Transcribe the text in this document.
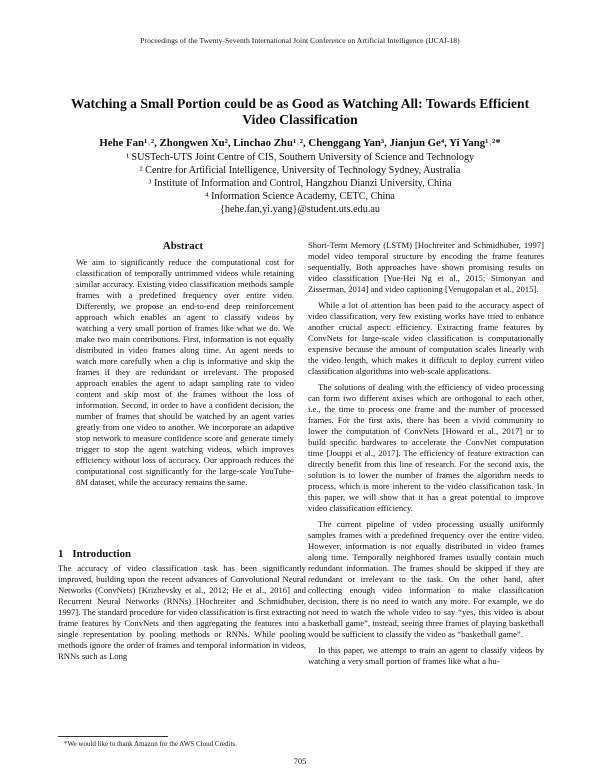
Proceedings of the Twenty-Seventh International Joint Conference on Artificial Intelligence (IJCAI-18)
Watching a Small Portion could be as Good as Watching All: Towards Efficient
Video Classification
Hehe Fan¹˒², Zhongwen Xu², Linchao Zhu¹˒², Chenggang Yan³, Jianjun Ge⁴, Yi Yang¹˒²*
¹ SUSTech-UTS Joint Centre of CIS, Southern University of Science and Technology
² Centre for Artificial Intelligence, University of Technology Sydney, Australia
³ Institute of Information and Control, Hangzhou Dianzi University, China
⁴ Information Science Academy, CETC, China
{hehe.fan,yi.yang}@student.uts.edu.au
Abstract
We aim to significantly reduce the computational cost for classification of temporally untrimmed videos while retaining similar accuracy. Existing video classification methods sample frames with a predefined frequency over entire video. Differently, we propose an end-to-end deep reinforcement approach which enables an agent to classify videos by watching a very small portion of frames like what we do. We make two main contributions. First, information is not equally distributed in video frames along time. An agent needs to watch more carefully when a clip is informative and skip the frames if they are redundant or irrelevant. The proposed approach enables the agent to adapt sampling rate to video content and skip most of the frames without the loss of information. Second, in order to have a confident decision, the number of frames that should be watched by an agent varies greatly from one video to another. We incorporate an adaptive stop network to measure confidence score and generate timely trigger to stop the agent watching videos, which improves efficiency without loss of accuracy. Our approach reduces the computational cost significantly for the large-scale YouTube-8M dataset, while the accuracy remains the same.
1 Introduction
The accuracy of video classification task has been significantly improved, building upon the recent advances of Convolutional Neural Networks (ConvNets) [Krizhevsky et al., 2012; He et al., 2016] and Recurrent Neural Networks (RNNs) [Hochreiter and Schmidhuber, 1997]. The standard procedure for video classification is first extracting frame features by ConvNets and then aggregating the features into a single representation by pooling methods or RNNs. While pooling methods ignore the order of frames and temporal information in videos, RNNs such as Long
*We would like to thank Amazon for the AWS Cloud Credits.

Short-Term Memory (LSTM) [Hochreiter and Schmidhuber, 1997] model video temporal structure by encoding the frame features sequentially. Both approaches have shown promising results on video classification [Yue-Hei Ng et al., 2015; Simonyan and Zisserman, 2014] and video captioning [Venugopalan et al., 2015].

While a lot of attention has been paid to the accuracy aspect of video classification, very few existing works have tried to enhance another crucial aspect: efficiency. Extracting frame features by ConvNets for large-scale video classification is computationally expensive because the amount of computation scales linearly with the video length, which makes it difficult to deploy current video classification algorithms into web-scale applications.

The solutions of dealing with the efficiency of video processing can form two different axises which are orthogonal to each other, i.e., the time to process one frame and the number of processed frames. For the first axis, there has been a vivid community to lower the computation of ConvNets [Howard et al., 2017] or to build specific hardwares to accelerate the ConvNet computation time [Jouppi et al., 2017]. The efficiency of feature extraction can directly benefit from this line of research. For the second axis, the solution is to lower the number of frames the algorithm needs to process, which is more inherent to the video classification task. In this paper, we will show that it has a great potential to improve video classification efficiency.

The current pipeline of video processing usually uniformly samples frames with a predefined frequency over the entire video. However, information is not equally distributed in video frames along time. Temporally neighbored frames usually contain much redundant information. The frames should be skipped if they are redundant or irrelevant to the task. On the other hand, after collecting enough video information to make classification decision, there is no need to watch any more. For example, we do not need to watch the whole video to say “yes, this video is about basketball game”, instead, seeing three frames of playing basketball would be sufficient to classify the video as “basketball game”.

In this paper, we attempt to train an agent to classify videos by watching a very small portion of frames like what a hu-

705
